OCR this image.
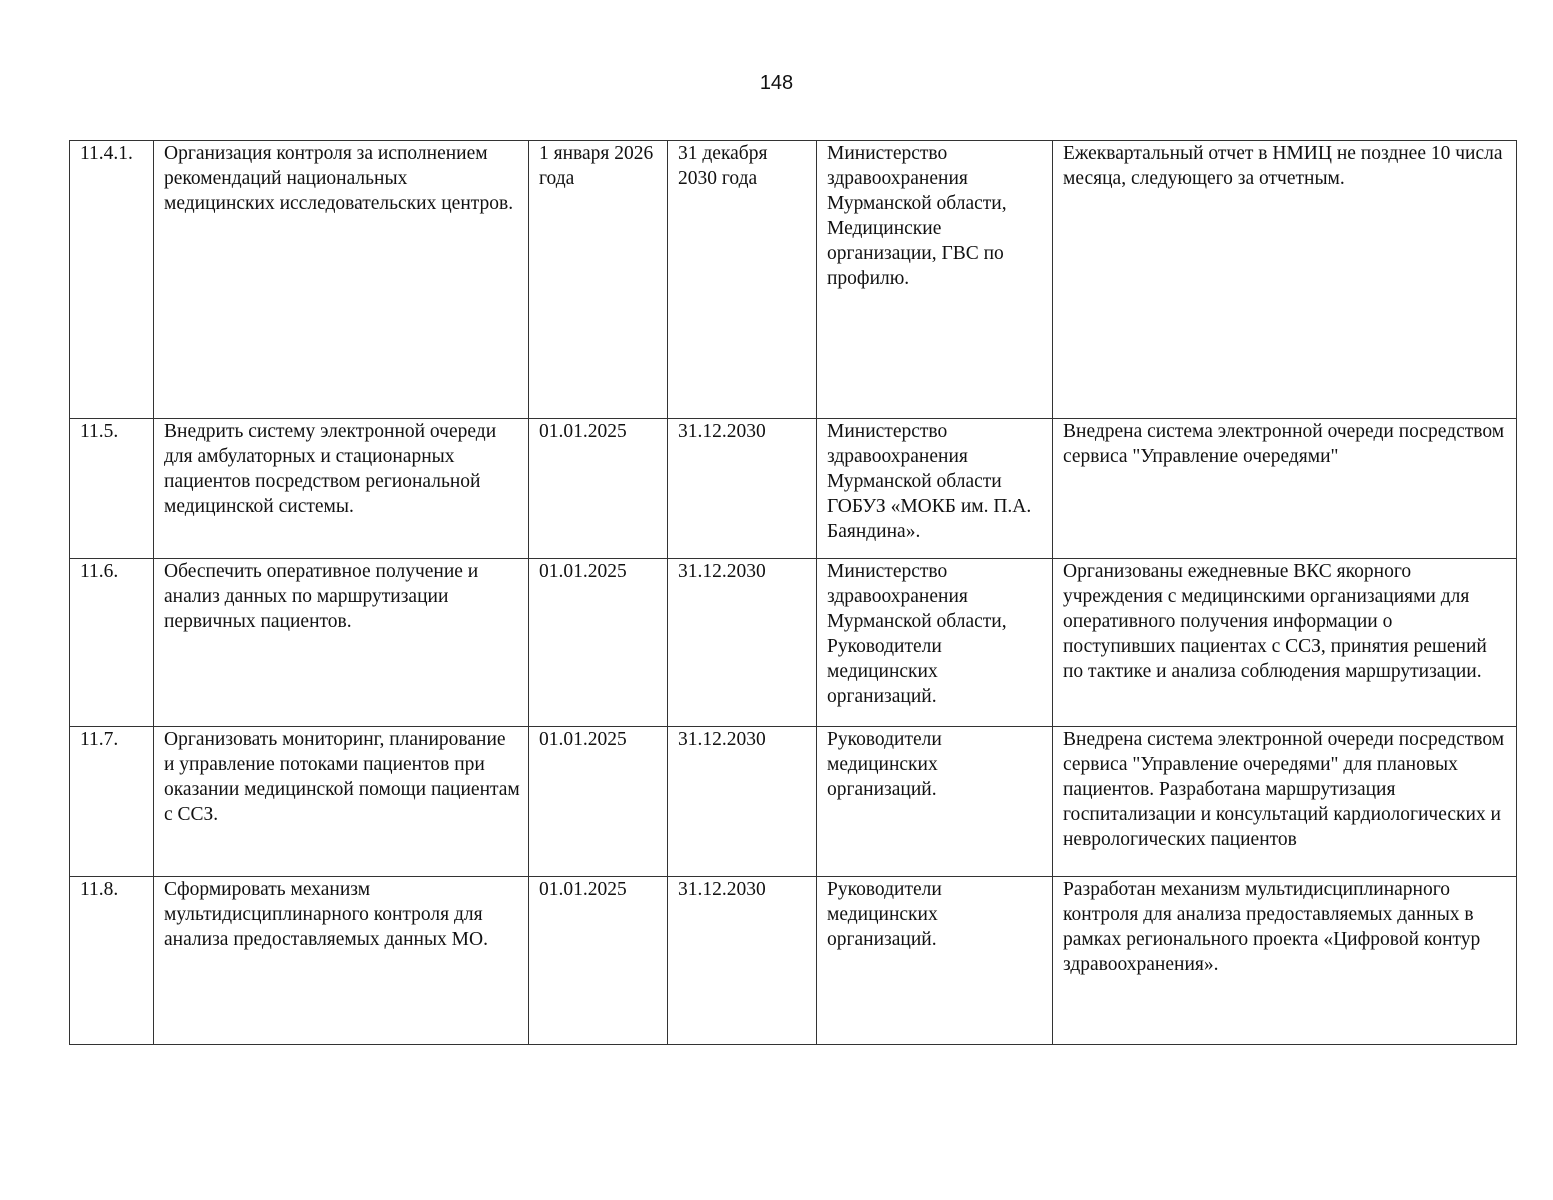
148
11.4.1.	Организация контроля за исполнением рекомендаций национальных медицинских исследовательских центров.	1 января 2026 года	31 декабря 2030 года	Министерство здравоохранения Мурманской области, Медицинские организации, ГВС по профилю.	Ежеквартальный отчет в НМИЦ не позднее 10 числа месяца, следующего за отчетным.

11.5.	Внедрить систему электронной очереди для амбулаторных и стационарных пациентов посредством региональной медицинской системы.	01.01.2025	31.12.2030	Министерство здравоохранения Мурманской области ГОБУЗ «МОКБ им. П.А. Баяндина».	Внедрена система электронной очереди посредством сервиса "Управление очередями"

11.6.	Обеспечить оперативное получение и анализ данных по маршрутизации первичных пациентов.	01.01.2025	31.12.2030	Министерство здравоохранения Мурманской области, Руководители медицинских организаций.	Организованы ежедневные ВКС якорного учреждения с медицинскими организациями для оперативного получения информации о поступивших пациентах с ССЗ, принятия решений по тактике и анализа соблюдения маршрутизации.

11.7.	Организовать мониторинг, планирование и управление потоками пациентов при оказании медицинской помощи пациентам с ССЗ.	01.01.2025	31.12.2030	Руководители медицинских организаций.	Внедрена система электронной очереди посредством сервиса "Управление очередями" для плановых пациентов. Разработана маршрутизация госпитализации и консультаций кардиологических и неврологических пациентов

11.8.	Сформировать механизм мультидисциплинарного контроля для анализа предоставляемых данных МО.	01.01.2025	31.12.2030	Руководители медицинских организаций.	Разработан механизм мультидисциплинарного контроля для анализа предоставляемых данных в рамках регионального проекта «Цифровой контур здравоохранения».
